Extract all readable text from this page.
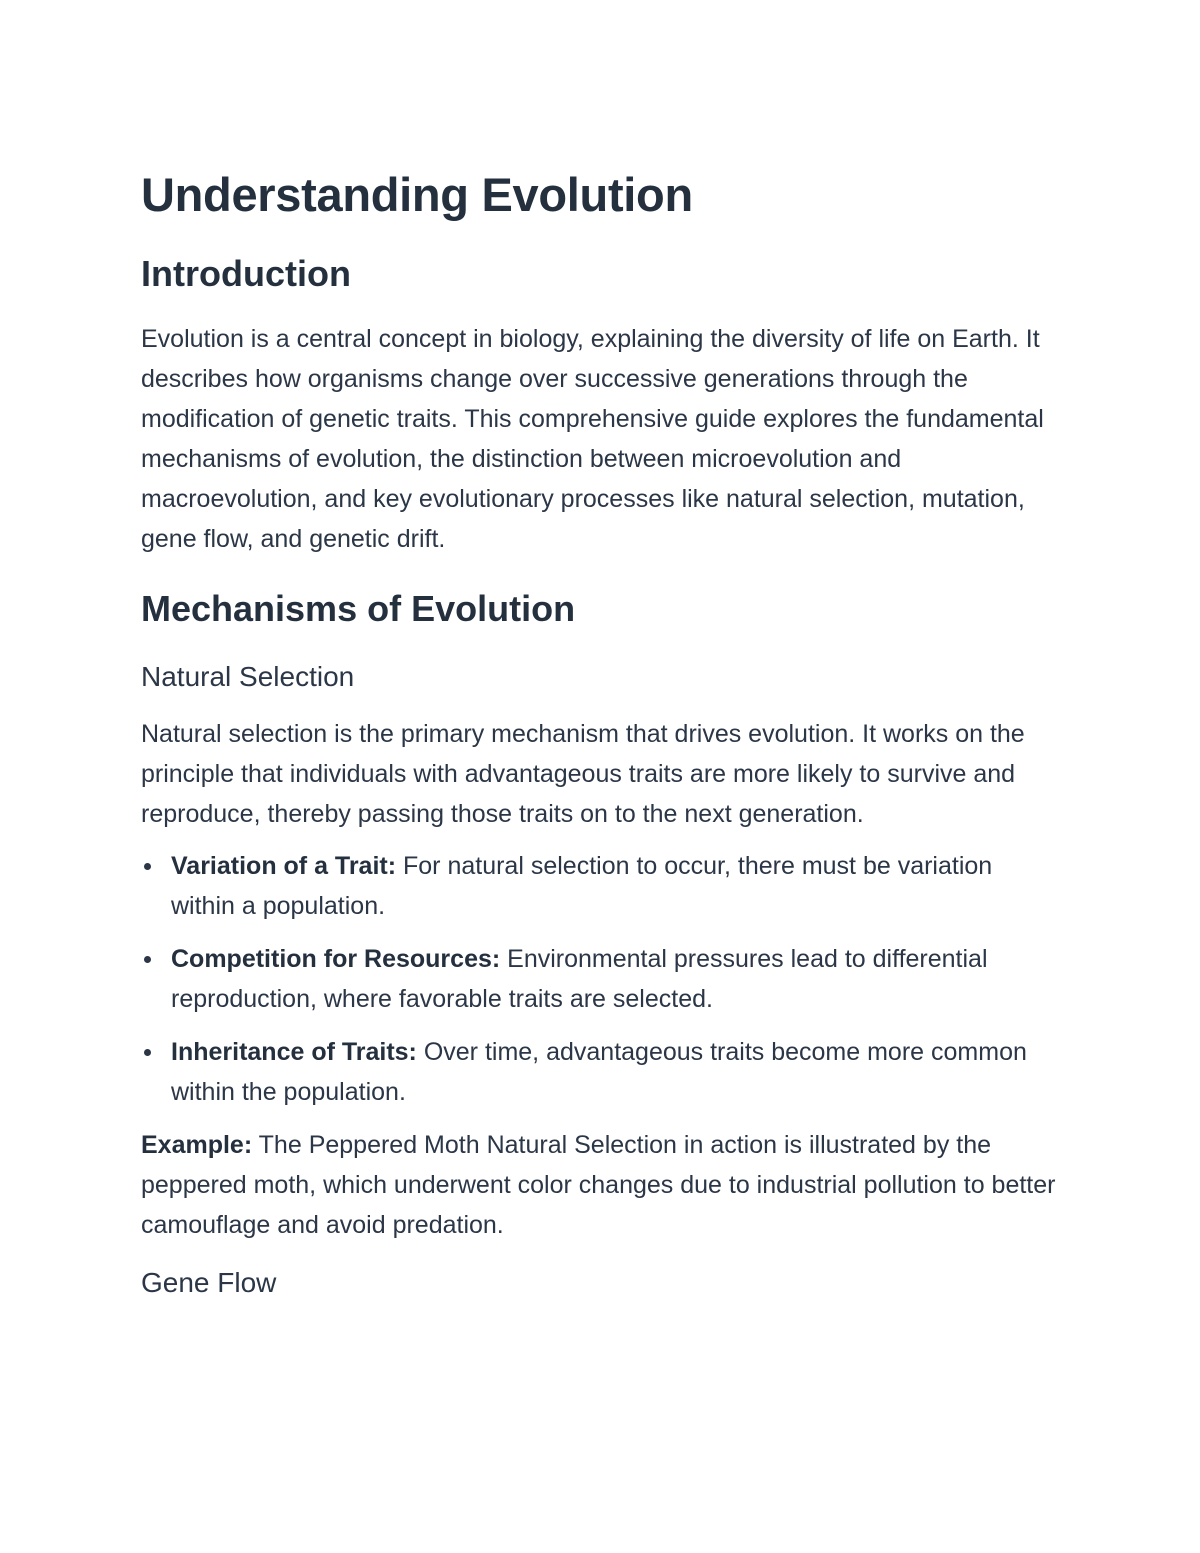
Understanding Evolution
Introduction

Evolution is a central concept in biology, explaining the diversity of life on Earth. It describes how organisms change over successive generations through the modification of genetic traits. This comprehensive guide explores the fundamental mechanisms of evolution, the distinction between microevolution and macroevolution, and key evolutionary processes like natural selection, mutation, gene flow, and genetic drift.

Mechanisms of Evolution
Natural Selection

Natural selection is the primary mechanism that drives evolution. It works on the principle that individuals with advantageous traits are more likely to survive and reproduce, thereby passing those traits on to the next generation.

Variation of a Trait: For natural selection to occur, there must be variation within a population.
Competition for Resources: Environmental pressures lead to differential reproduction, where favorable traits are selected.
Inheritance of Traits: Over time, advantageous traits become more common within the population.

Example: The Peppered Moth Natural Selection in action is illustrated by the peppered moth, which underwent color changes due to industrial pollution to better camouflage and avoid predation.

Gene Flow
